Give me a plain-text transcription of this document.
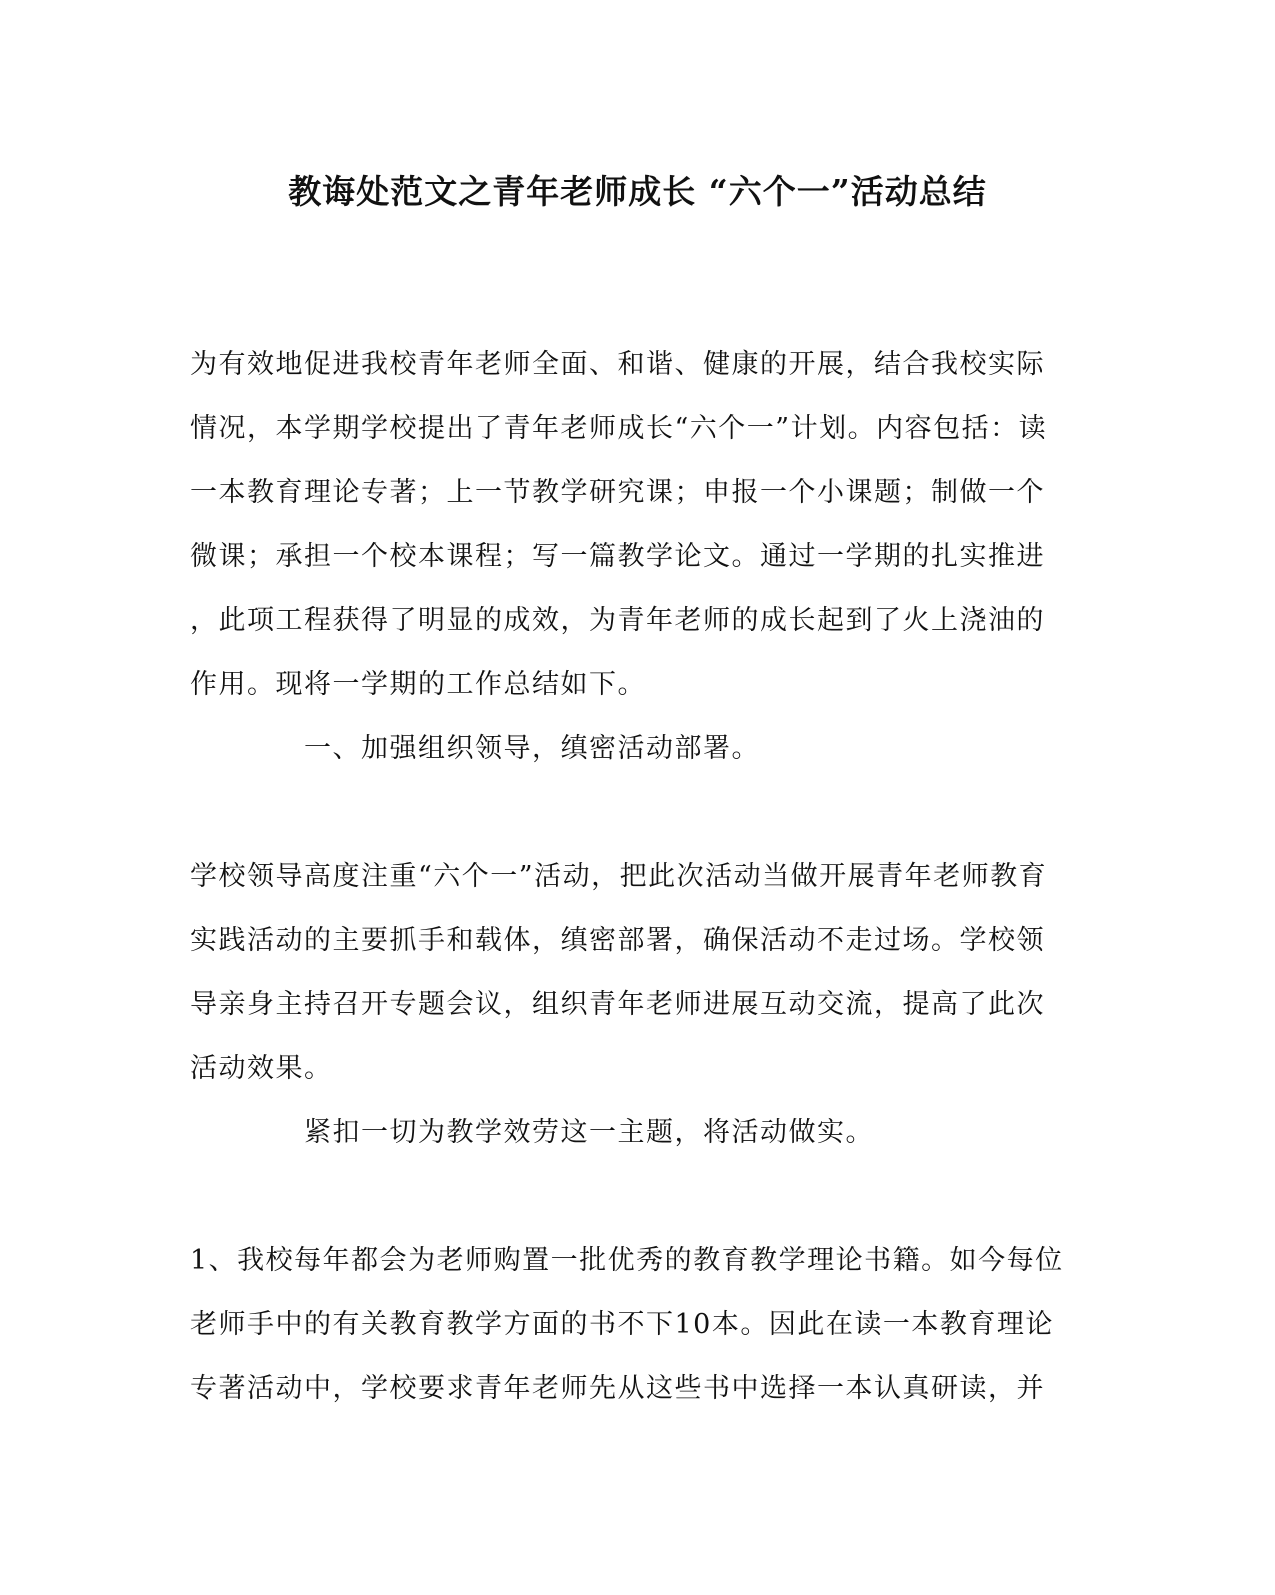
教诲处范文之青年老师成长 “六个一”活动总结
为有效地促进我校青年老师全面、和谐、健康的开展，结合我校实际
情况，本学期学校提出了青年老师成长“六个一”计划。内容包括：读
一本教育理论专著；上一节教学研究课；申报一个小课题；制做一个
微课；承担一个校本课程；写一篇教学论文。通过一学期的扎实推进
，此项工程获得了明显的成效，为青年老师的成长起到了火上浇油的
作用。现将一学期的工作总结如下。

一、加强组织领导，缜密活动部署。

学校领导高度注重“六个一”活动，把此次活动当做开展青年老师教育
实践活动的主要抓手和载体，缜密部署，确保活动不走过场。学校领
导亲身主持召开专题会议，组织青年老师进展互动交流，提高了此次
活动效果。

紧扣一切为教学效劳这一主题，将活动做实。

1、我校每年都会为老师购置一批优秀的教育教学理论书籍。如今每位
老师手中的有关教育教学方面的书不下10本。因此在读一本教育理论
专著活动中，学校要求青年老师先从这些书中选择一本认真研读，并
